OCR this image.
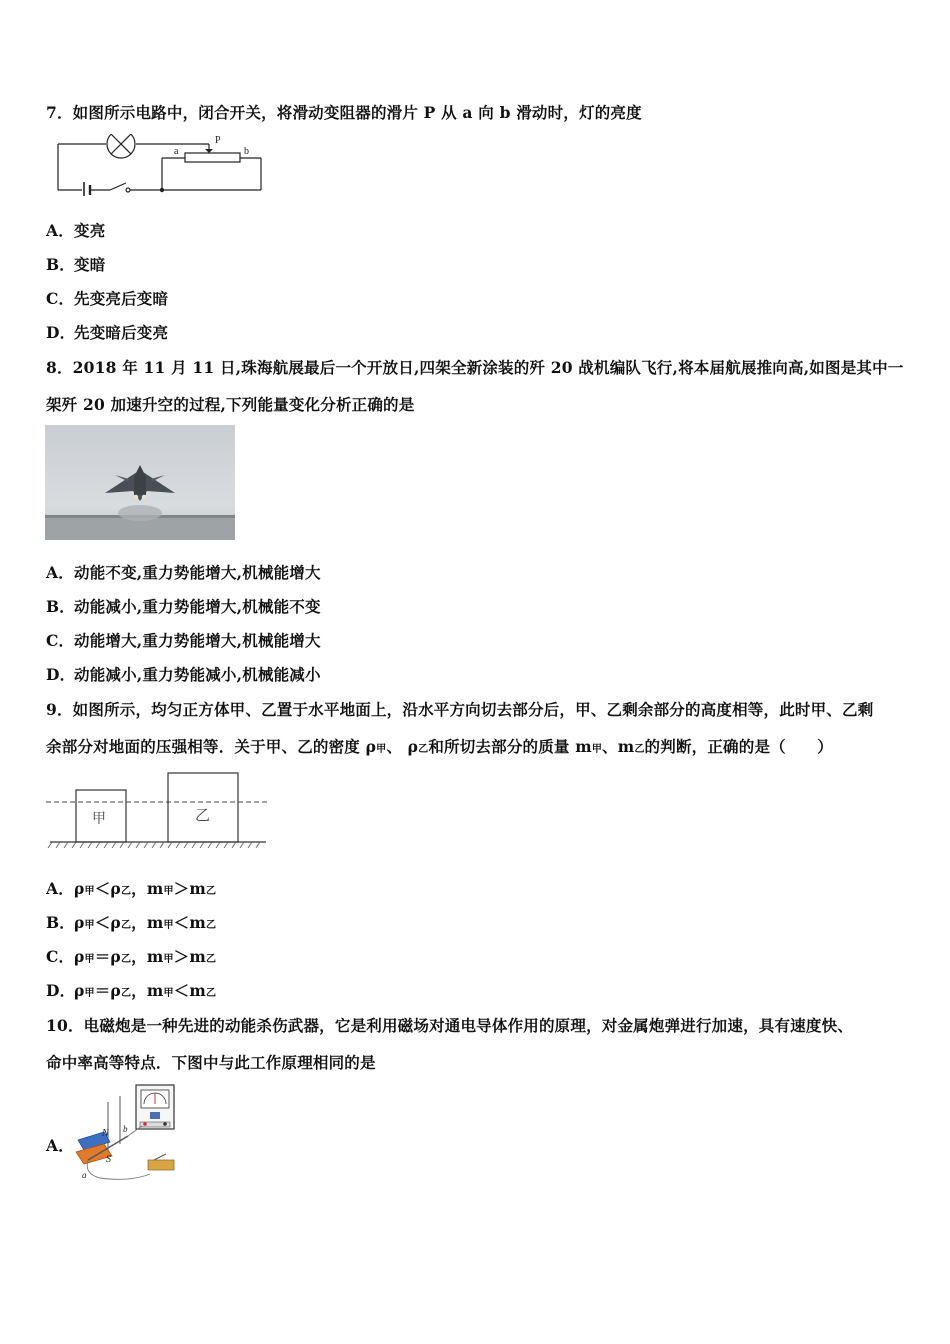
7．如图所示电路中，闭合开关，将滑动变阻器的滑片 P 从 a 向 b 滑动时，灯的亮度
a
P
b
A．变亮
B．变暗
C．先变亮后变暗
D．先变暗后变亮
8．2018 年 11 月 11 日,珠海航展最后一个开放日,四架全新涂装的歼 20 战机编队飞行,将本届航展推向高,如图是其中一
架歼 20 加速升空的过程,下列能量变化分析正确的是
A．动能不变,重力势能增大,机械能增大
B．动能减小,重力势能增大,机械能不变
C．动能增大,重力势能增大,机械能增大
D．动能减小,重力势能减小,机械能减小
9．如图所示，均匀正方体甲、乙置于水平地面上，沿水平方向切去部分后，甲、乙剩余部分的高度相等，此时甲、乙剩
余部分对地面的压强相等．关于甲、乙的密度 ρ甲、 ρ乙和所切去部分的质量 m甲、m乙的判断，正确的是（　　）
甲	乙
A．ρ甲＜ρ乙，m甲＞m乙
B．ρ甲＜ρ乙，m甲＜m乙
C．ρ甲＝ρ乙，m甲＞m乙
D．ρ甲＝ρ乙，m甲＜m乙
10．电磁炮是一种先进的动能杀伤武器，它是利用磁场对通电导体作用的原理，对金属炮弹进行加速，具有速度快、
命中率高等特点．下图中与此工作原理相同的是
A．
N
S
a
b
